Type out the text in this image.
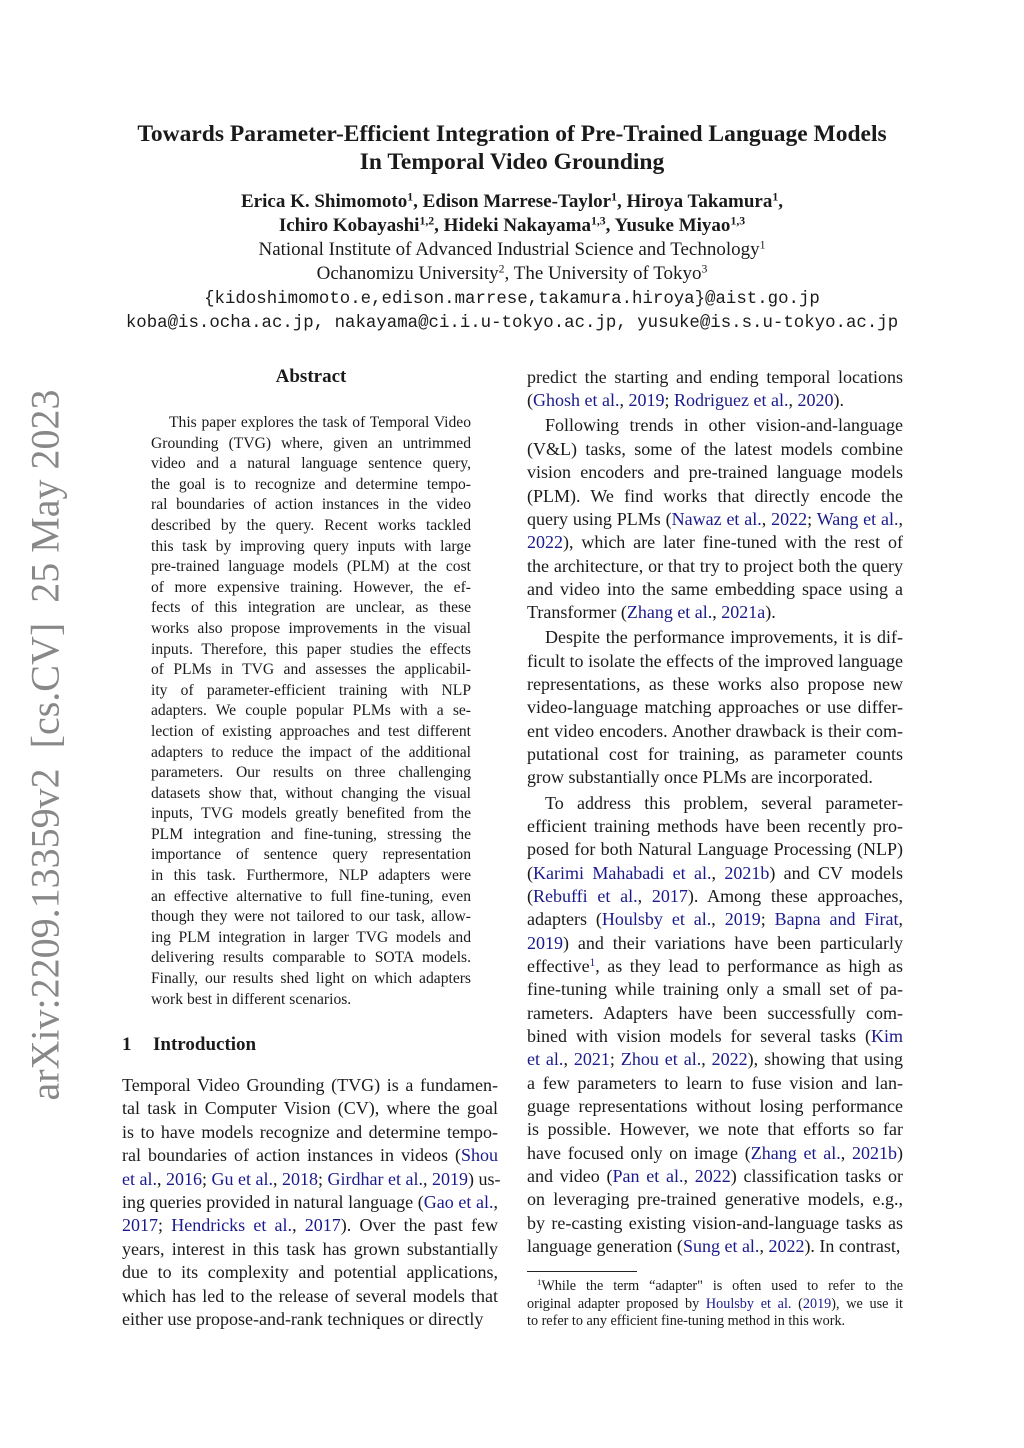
arXiv:2209.13359v2  [cs.CV]  25 May 2023
Towards Parameter-Efficient Integration of Pre-Trained Language Models
In Temporal Video Grounding
Erica K. Shimomoto$^1$, Edison Marrese-Taylor$^1$, Hiroya Takamura$^1$,
Ichiro Kobayashi$^{1,2}$, Hideki Nakayama$^{1,3}$, Yusuke Miyao$^{1,3}$
National Institute of Advanced Industrial Science and Technology$^1$
Ochanomizu University$^2$, The University of Tokyo$^3$
{kidoshimomoto.e,edison.marrese,takamura.hiroya}@aist.go.jp
koba@is.ocha.ac.jp, nakayama@ci.i.u-tokyo.ac.jp, yusuke@is.s.u-tokyo.ac.jp
Abstract
This paper explores the task of Temporal Video
Grounding (TVG) where, given an untrimmed
video and a natural language sentence query,
the goal is to recognize and determine tempo-
ral boundaries of action instances in the video
described by the query. Recent works tackled
this task by improving query inputs with large
pre-trained language models (PLM) at the cost
of more expensive training. However, the ef-
fects of this integration are unclear, as these
works also propose improvements in the visual
inputs. Therefore, this paper studies the effects
of PLMs in TVG and assesses the applicabil-
ity of parameter-efficient training with NLP
adapters. We couple popular PLMs with a se-
lection of existing approaches and test different
adapters to reduce the impact of the additional
parameters. Our results on three challenging
datasets show that, without changing the visual
inputs, TVG models greatly benefited from the
PLM integration and fine-tuning, stressing the
importance of sentence query representation
in this task. Furthermore, NLP adapters were
an effective alternative to full fine-tuning, even
though they were not tailored to our task, allow-
ing PLM integration in larger TVG models and
delivering results comparable to SOTA models.
Finally, our results shed light on which adapters
work best in different scenarios.
1 Introduction
Temporal Video Grounding (TVG) is a fundamen-
tal task in Computer Vision (CV), where the goal
is to have models recognize and determine tempo-
ral boundaries of action instances in videos (Shou
et al., 2016; Gu et al., 2018; Girdhar et al., 2019) us-
ing queries provided in natural language (Gao et al.,
2017; Hendricks et al., 2017). Over the past few
years, interest in this task has grown substantially
due to its complexity and potential applications,
which has led to the release of several models that
either use propose-and-rank techniques or directly
predict the starting and ending temporal locations
(Ghosh et al., 2019; Rodriguez et al., 2020).
Following trends in other vision-and-language
(V&L) tasks, some of the latest models combine
vision encoders and pre-trained language models
(PLM). We find works that directly encode the
query using PLMs (Nawaz et al., 2022; Wang et al.,
2022), which are later fine-tuned with the rest of
the architecture, or that try to project both the query
and video into the same embedding space using a
Transformer (Zhang et al., 2021a).
Despite the performance improvements, it is dif-
ficult to isolate the effects of the improved language
representations, as these works also propose new
video-language matching approaches or use differ-
ent video encoders. Another drawback is their com-
putational cost for training, as parameter counts
grow substantially once PLMs are incorporated.
To address this problem, several parameter-
efficient training methods have been recently pro-
posed for both Natural Language Processing (NLP)
(Karimi Mahabadi et al., 2021b) and CV models
(Rebuffi et al., 2017). Among these approaches,
adapters (Houlsby et al., 2019; Bapna and Firat,
2019) and their variations have been particularly
effective$^1$, as they lead to performance as high as
fine-tuning while training only a small set of pa-
rameters. Adapters have been successfully com-
bined with vision models for several tasks (Kim
et al., 2021; Zhou et al., 2022), showing that using
a few parameters to learn to fuse vision and lan-
guage representations without losing performance
is possible. However, we note that efforts so far
have focused only on image (Zhang et al., 2021b)
and video (Pan et al., 2022) classification tasks or
on leveraging pre-trained generative models, e.g.,
by re-casting existing vision-and-language tasks as
language generation (Sung et al., 2022). In contrast,
$^1$While the term “adapter" is often used to refer to the
original adapter proposed by Houlsby et al. (2019), we use it
to refer to any efficient fine-tuning method in this work.
